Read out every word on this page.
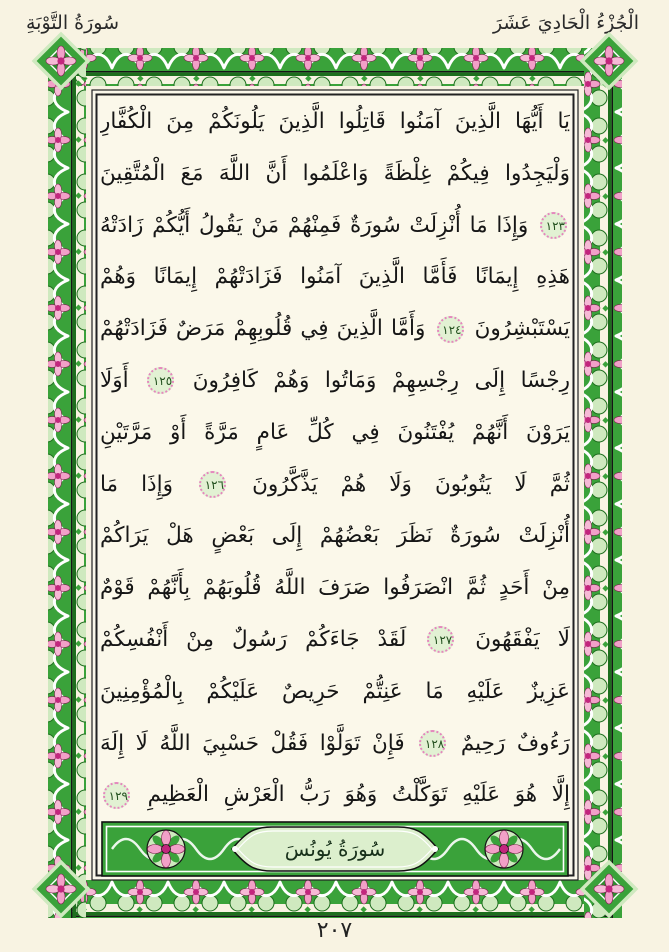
الْجُزْءُ الْحَادِيَ عَشَرَ
سُورَةُ التَّوْبَةِ
يَا أَيُّهَا الَّذِينَ آمَنُوا قَاتِلُوا الَّذِينَ يَلُونَكُمْ مِنَ الْكُفَّارِ
وَلْيَجِدُوا فِيكُمْ غِلْظَةً وَاعْلَمُوا أَنَّ اللَّهَ مَعَ الْمُتَّقِينَ
١٢٣ وَإِذَا مَا أُنْزِلَتْ سُورَةٌ فَمِنْهُمْ مَنْ يَقُولُ أَيُّكُمْ زَادَتْهُ
هَذِهِ إِيمَانًا فَأَمَّا الَّذِينَ آمَنُوا فَزَادَتْهُمْ إِيمَانًا وَهُمْ
يَسْتَبْشِرُونَ ١٢٤ وَأَمَّا الَّذِينَ فِي قُلُوبِهِمْ مَرَضٌ فَزَادَتْهُمْ
رِجْسًا إِلَى رِجْسِهِمْ وَمَاتُوا وَهُمْ كَافِرُونَ ١٢٥ أَوَلَا
يَرَوْنَ أَنَّهُمْ يُفْتَنُونَ فِي كُلِّ عَامٍ مَرَّةً أَوْ مَرَّتَيْنِ
ثُمَّ لَا يَتُوبُونَ وَلَا هُمْ يَذَّكَّرُونَ ١٢٦ وَإِذَا مَا
أُنْزِلَتْ سُورَةٌ نَظَرَ بَعْضُهُمْ إِلَى بَعْضٍ هَلْ يَرَاكُمْ
مِنْ أَحَدٍ ثُمَّ انْصَرَفُوا صَرَفَ اللَّهُ قُلُوبَهُمْ بِأَنَّهُمْ قَوْمٌ
لَا يَفْقَهُونَ ١٢٧ لَقَدْ جَاءَكُمْ رَسُولٌ مِنْ أَنْفُسِكُمْ
عَزِيزٌ عَلَيْهِ مَا عَنِتُّمْ حَرِيصٌ عَلَيْكُمْ بِالْمُؤْمِنِينَ
رَءُوفٌ رَحِيمٌ ١٢٨ فَإِنْ تَوَلَّوْا فَقُلْ حَسْبِيَ اللَّهُ لَا إِلَهَ
إِلَّا هُوَ عَلَيْهِ تَوَكَّلْتُ وَهُوَ رَبُّ الْعَرْشِ الْعَظِيمِ ١٢٩
سُورَةُ يُونُسَ
٢٠٧
